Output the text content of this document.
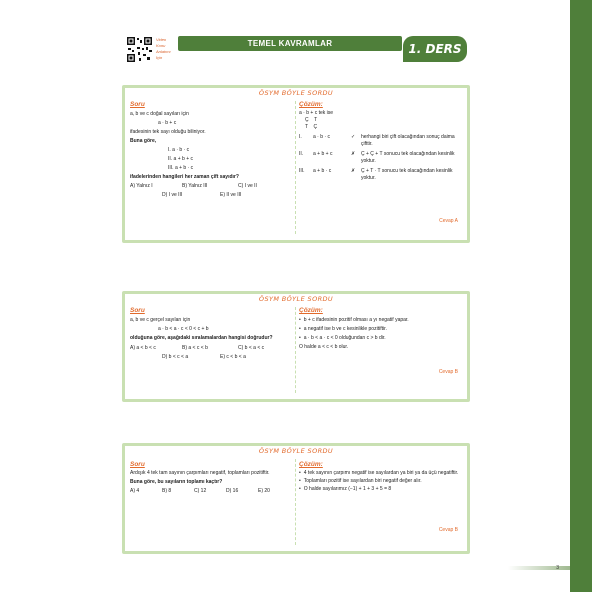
3
Video
Konu
Anlatımı
İçin
TEMEL KAVRAMLAR	1. DERS
ÖSYM BÖYLE SORDU
Soru
a, b ve c doğal sayıları için
a · b + c
ifadesinin tek sayı olduğu biliniyor.
Buna göre,
I. a · b · c
II. a + b + c
III. a + b · c
ifadelerinden hangileri her zaman çift sayıdır?
A) Yalnız I	B) Yalnız III	C) I ve II
D) I ve III	E) II ve III
Çözüm:
a · b + c tek ise
Ç    T
T    Ç
I.	a · b · c	✓	herhangi biri çift olacağından sonuç daima çifttir.
II.	a + b + c	✗	Ç + Ç + T sonucu tek olacağından kesinlik yoktur.
III.	a + b · c	✗	Ç + T · T sonucu tek olacağından kesinlik yoktur.
Cevap A
ÖSYM BÖYLE SORDU
Soru
a, b ve c gerçel sayıları için
a · b < a · c < 0 < c + b
olduğuna göre, aşağıdaki sıralamalardan hangisi doğrudur?
A) a < b < c	B) a < c < b	C) b < a < c
D) b < c < a	E) c < b < a
Çözüm:
• b + c ifadesinin pozitif olması a yı negatif yapar.
• a negatif ise b ve c kesinlikle pozitiftir.
• a · b < a · c < 0 olduğundan c > b dir.
O halde a < c < b olur.
Cevap B
ÖSYM BÖYLE SORDU
Soru
Ardışık 4 tek tam sayının çarpımları negatif, toplamları pozitiftir.
Buna göre, bu sayıların toplamı kaçtır?
A) 4	B) 8	C) 12	D) 16	E) 20
Çözüm:
• 4 tek sayının çarpımı negatif ise sayılardan ya biri ya da üçü negatiftir.
• Toplamları pozitif ise sayılardan biri negatif değer alır.
• O halde sayılarımız (−1) + 1 + 3 + 5 = 8
Cevap B
